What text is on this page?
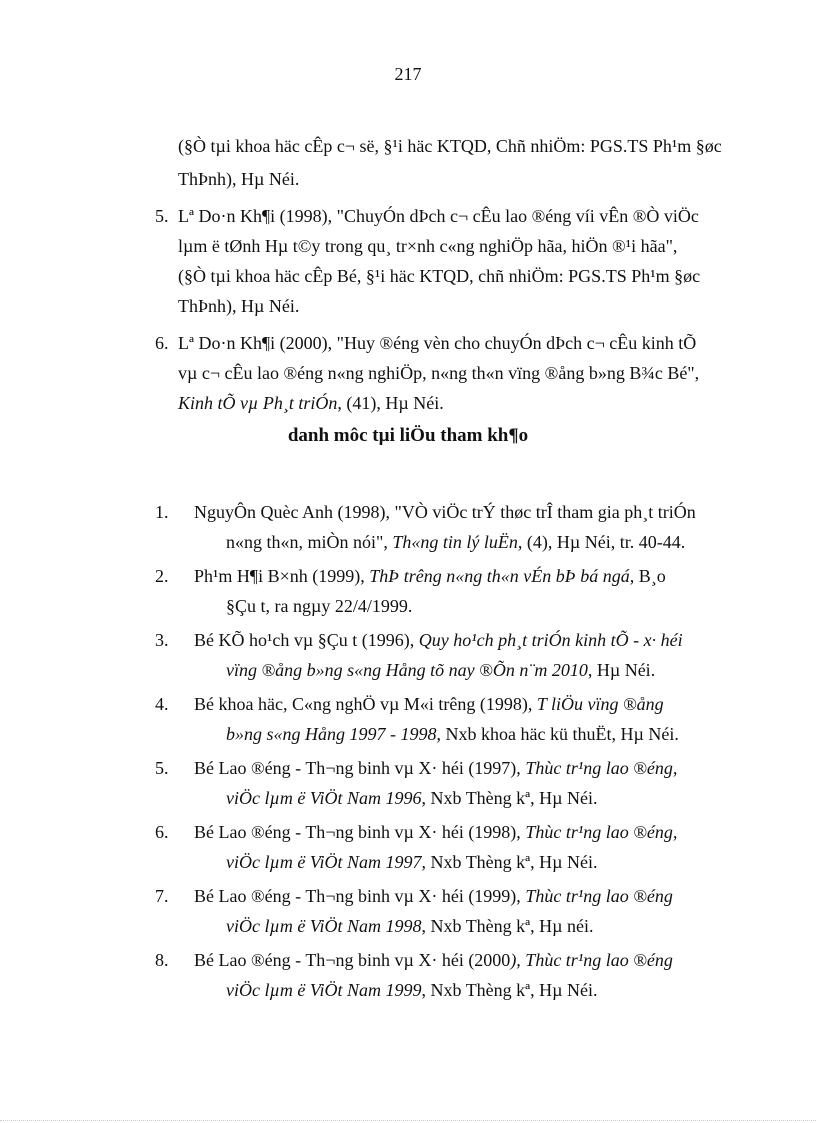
217
(§Ò tµi khoa häc cÊp c¬ së, §¹i häc KTQD, Chñ nhiÖm: PGS.TS Ph¹m §øc
ThÞnh), Hµ Néi.
5. Lª Do·n Kh¶i (1998), "ChuyÓn dÞch c¬ cÊu lao ®éng víi vÊn ®Ò viÖc
lµm ë tØnh Hµ t©y trong qu¸ tr×nh c«ng nghiÖp hãa, hiÖn ®¹i hãa",
(§Ò tµi khoa häc cÊp Bé, §¹i häc KTQD, chñ nhiÖm: PGS.TS Ph¹m §øc
ThÞnh), Hµ Néi.
6. Lª Do·n Kh¶i (2000), "Huy ®éng vèn cho chuyÓn dÞch c¬ cÊu kinh tÕ
vµ c¬ cÊu lao ®éng n«ng nghiÖp, n«ng th«n vïng ®ång b»ng B¾c Bé",
Kinh tÕ vµ Ph¸t triÓn, (41), Hµ Néi.
danh môc tµi liÖu tham kh¶o
1. NguyÔn Quèc Anh (1998), "VÒ viÖc trÝ thøc trÎ tham gia ph¸t triÓn
n«ng th«n, miÒn nói", Th«ng tin lý luËn, (4), Hµ Néi, tr. 40-44.
2. Ph¹m H¶i B×nh (1999), ThÞ trêng n«ng th«n vÉn bÞ bá ngá, B¸o
§Çu t, ra ngµy 22/4/1999.
3. Bé KÕ ho¹ch vµ §Çu t (1996), Quy ho¹ch ph¸t triÓn kinh tÕ - x· héi
vïng ®ång b»ng s«ng Hång tõ nay ®Õn n¨m 2010, Hµ Néi.
4. Bé khoa häc, C«ng nghÖ vµ M«i trêng (1998), T liÖu vïng ®ång
b»ng s«ng Hång 1997 - 1998, Nxb khoa häc kü thuËt, Hµ Néi.
5. Bé Lao ®éng - Th¬ng binh vµ X· héi (1997), Thùc tr¹ng lao ®éng,
viÖc lµm ë ViÖt Nam 1996, Nxb Thèng kª, Hµ Néi.
6. Bé Lao ®éng - Th¬ng binh vµ X· héi (1998), Thùc tr¹ng lao ®éng,
viÖc lµm ë ViÖt Nam 1997, Nxb Thèng kª, Hµ Néi.
7. Bé Lao ®éng - Th¬ng binh vµ X· héi (1999), Thùc tr¹ng lao ®éng
viÖc lµm ë ViÖt Nam 1998, Nxb Thèng kª, Hµ néi.
8. Bé Lao ®éng - Th¬ng binh vµ X· héi (2000), Thùc tr¹ng lao ®éng
viÖc lµm ë ViÖt Nam 1999, Nxb Thèng kª, Hµ Néi.
